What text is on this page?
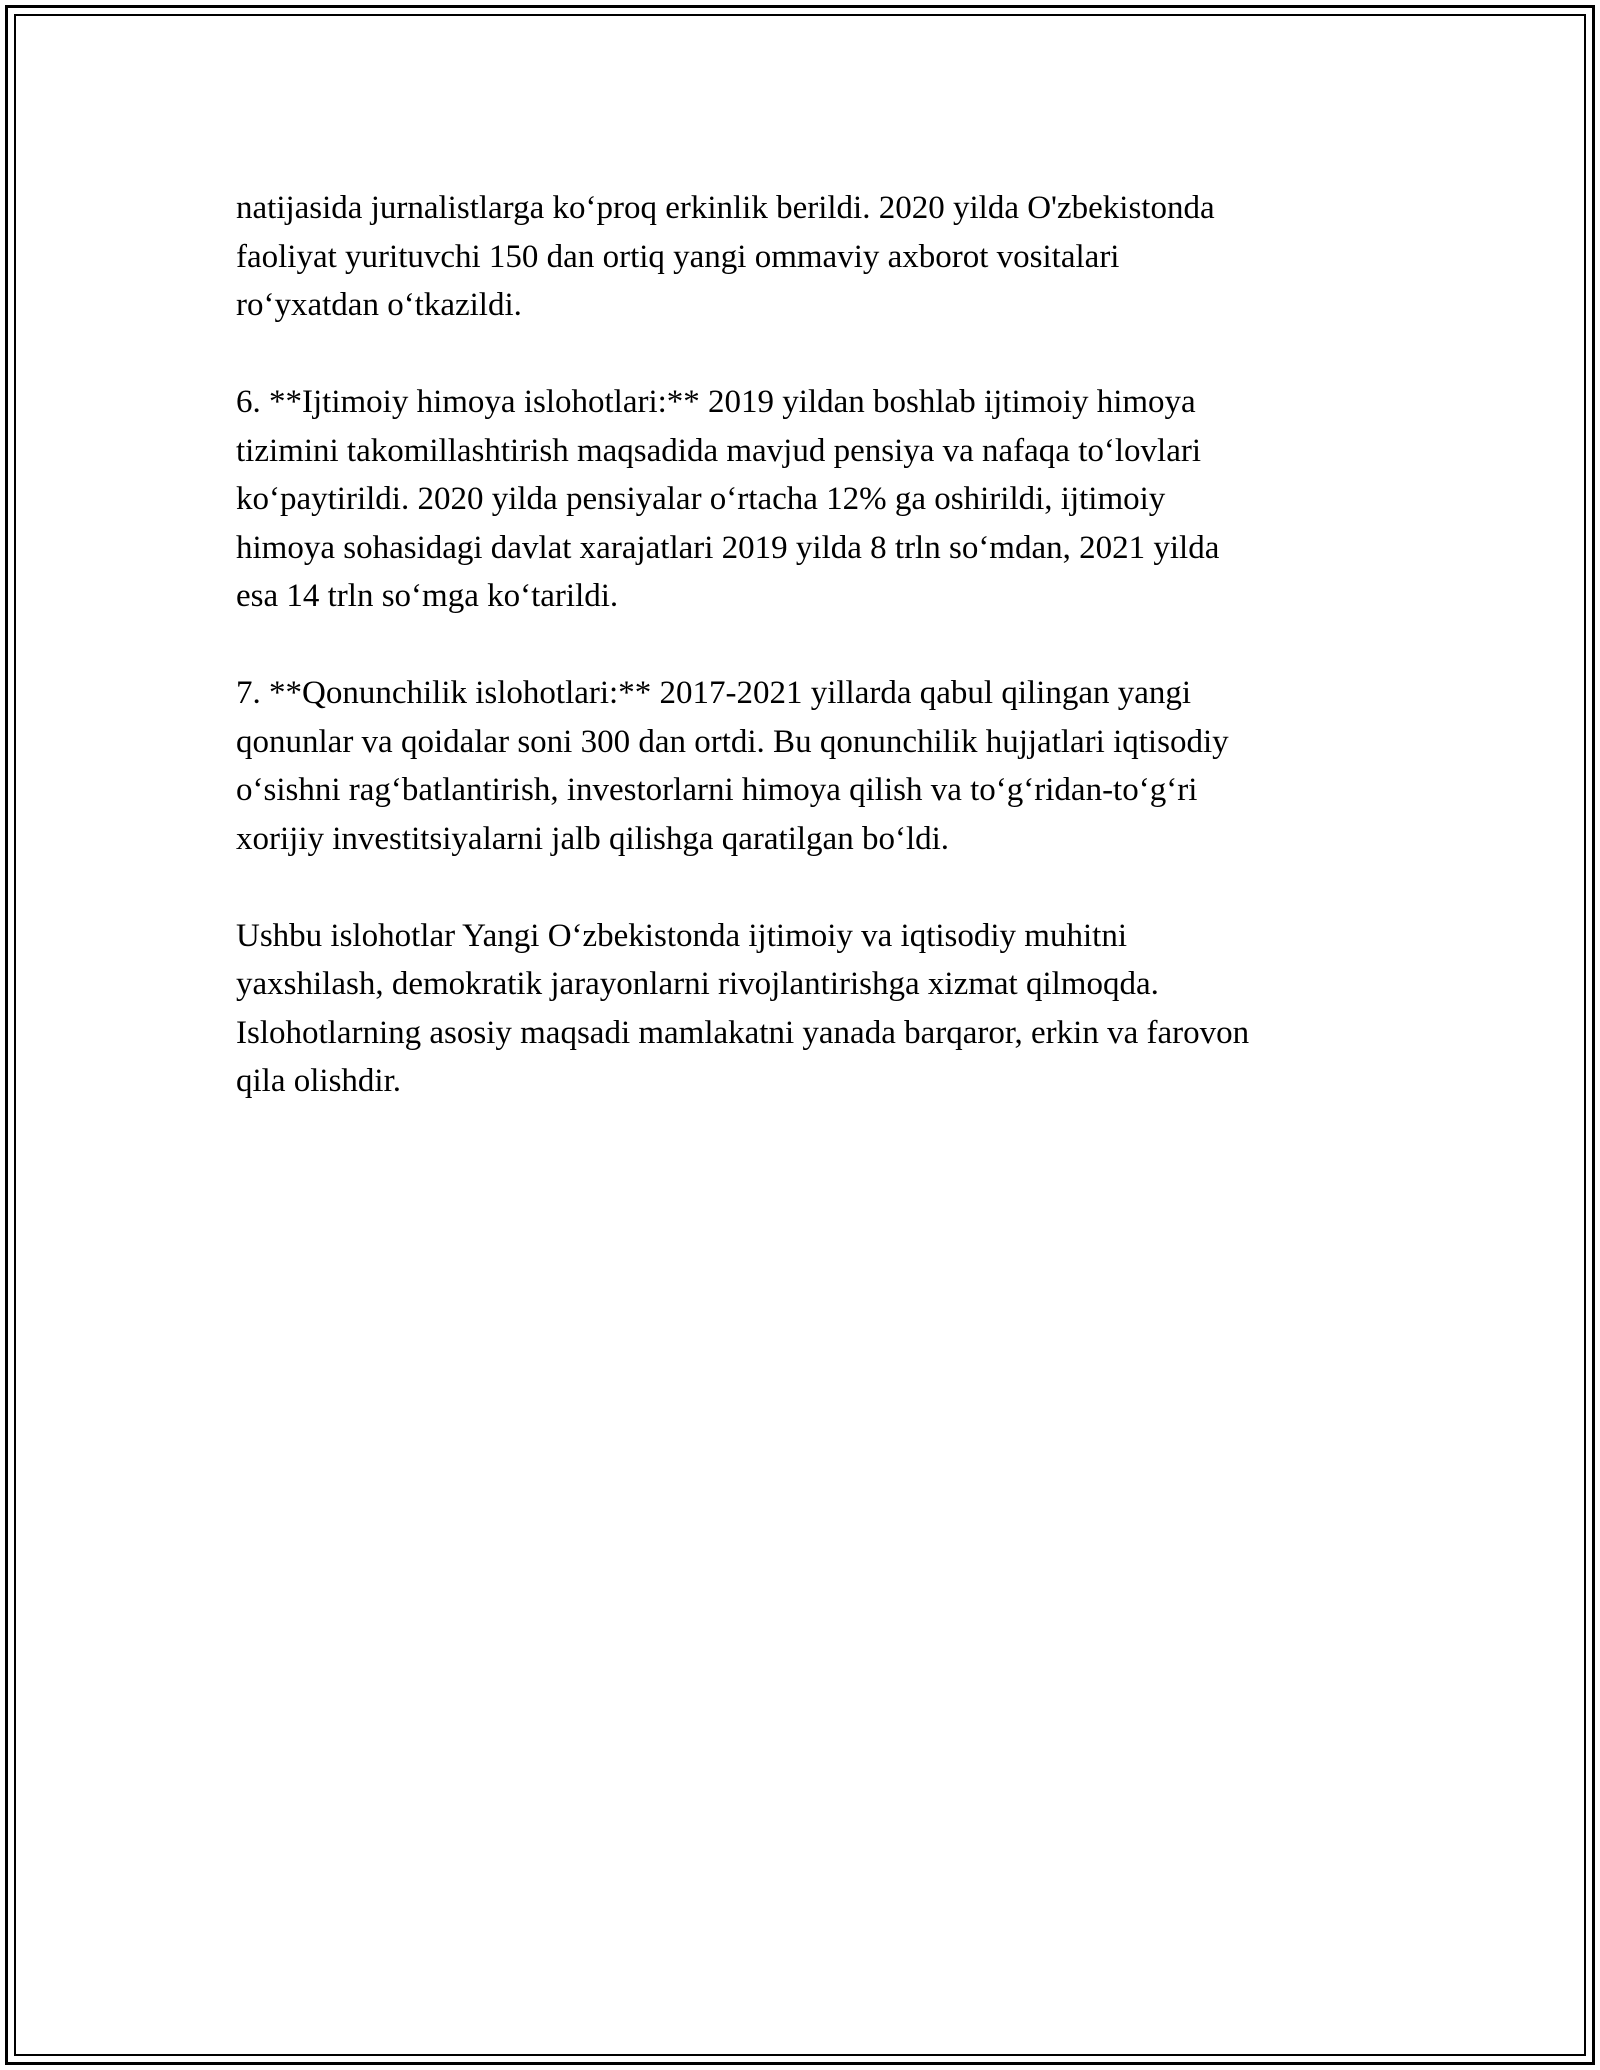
natijasida jurnalistlarga ko‘proq erkinlik berildi. 2020 yilda O'zbekistonda
faoliyat yurituvchi 150 dan ortiq yangi ommaviy axborot vositalari
ro‘yxatdan o‘tkazildi.

6. **Ijtimoiy himoya islohotlari:** 2019 yildan boshlab ijtimoiy himoya
tizimini takomillashtirish maqsadida mavjud pensiya va nafaqa to‘lovlari
ko‘paytirildi. 2020 yilda pensiyalar o‘rtacha 12% ga oshirildi, ijtimoiy
himoya sohasidagi davlat xarajatlari 2019 yilda 8 trln so‘mdan, 2021 yilda
esa 14 trln so‘mga ko‘tarildi.

7. **Qonunchilik islohotlari:** 2017-2021 yillarda qabul qilingan yangi
qonunlar va qoidalar soni 300 dan ortdi. Bu qonunchilik hujjatlari iqtisodiy
o‘sishni rag‘batlantirish, investorlarni himoya qilish va to‘g‘ridan-to‘g‘ri
xorijiy investitsiyalarni jalb qilishga qaratilgan bo‘ldi.

Ushbu islohotlar Yangi O‘zbekistonda ijtimoiy va iqtisodiy muhitni
yaxshilash, demokratik jarayonlarni rivojlantirishga xizmat qilmoqda.
Islohotlarning asosiy maqsadi mamlakatni yanada barqaror, erkin va farovon
qila olishdir.
